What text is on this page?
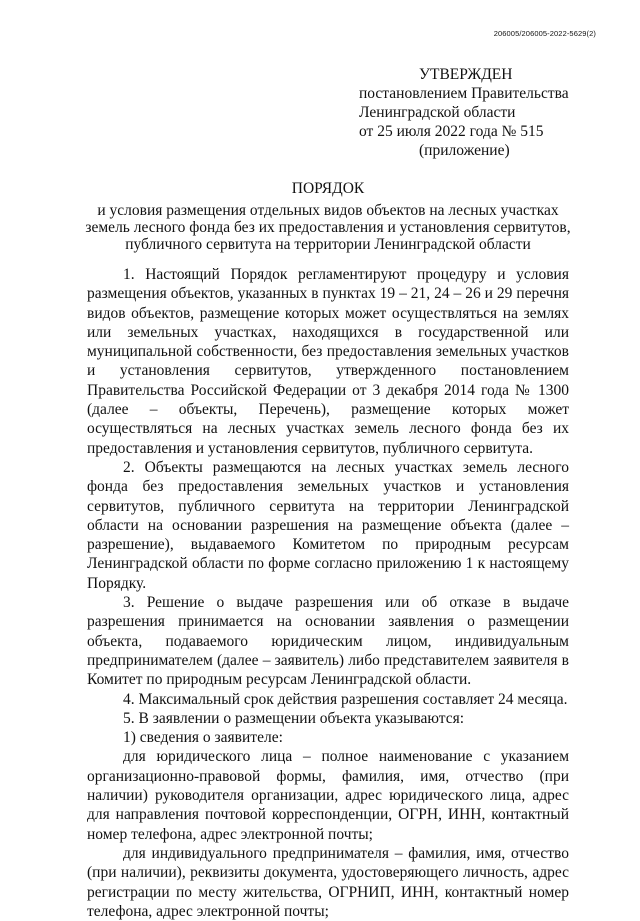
206005/206005-2022-5629(2)
УТВЕРЖДЕН
постановлением Правительства
Ленинградской области
от 25 июля 2022 года № 515
(приложение)
ПОРЯДОК
и условия размещения отдельных видов объектов на лесных участках
земель лесного фонда без их предоставления и установления сервитутов,
публичного сервитута на территории Ленинградской области

1. Настоящий Порядок регламентируют процедуру и условия размещения объектов, указанных в пунктах 19 – 21, 24 – 26 и 29 перечня видов объектов, размещение которых может осуществляться на землях или земельных участках, находящихся в государственной или муниципальной собственности, без предоставления земельных участков и установления сервитутов, утвержденного постановлением Правительства Российской Федерации от 3 декабря 2014 года № 1300 (далее – объекты, Перечень), размещение которых может осуществляться на лесных участках земель лесного фонда без их предоставления и установления сервитутов, публичного сервитута.

2. Объекты размещаются на лесных участках земель лесного фонда без предоставления земельных участков и установления сервитутов, публичного сервитута на территории Ленинградской области на основании разрешения на размещение объекта (далее – разрешение), выдаваемого Комитетом по природным ресурсам Ленинградской области по форме согласно приложению 1 к настоящему Порядку.

3. Решение о выдаче разрешения или об отказе в выдаче разрешения принимается на основании заявления о размещении объекта, подаваемого юридическим лицом, индивидуальным предпринимателем (далее – заявитель) либо представителем заявителя в Комитет по природным ресурсам Ленинградской области.

4. Максимальный срок действия разрешения составляет 24 месяца.

5. В заявлении о размещении объекта указываются:

1) сведения о заявителе:

для юридического лица – полное наименование с указанием организационно-правовой формы, фамилия, имя, отчество (при наличии) руководителя организации, адрес юридического лица, адрес для направления почтовой корреспонденции, ОГРН, ИНН, контактный номер телефона, адрес электронной почты;

для индивидуального предпринимателя – фамилия, имя, отчество (при наличии), реквизиты документа, удостоверяющего личность, адрес регистрации по месту жительства, ОГРНИП, ИНН, контактный номер телефона, адрес электронной почты;
